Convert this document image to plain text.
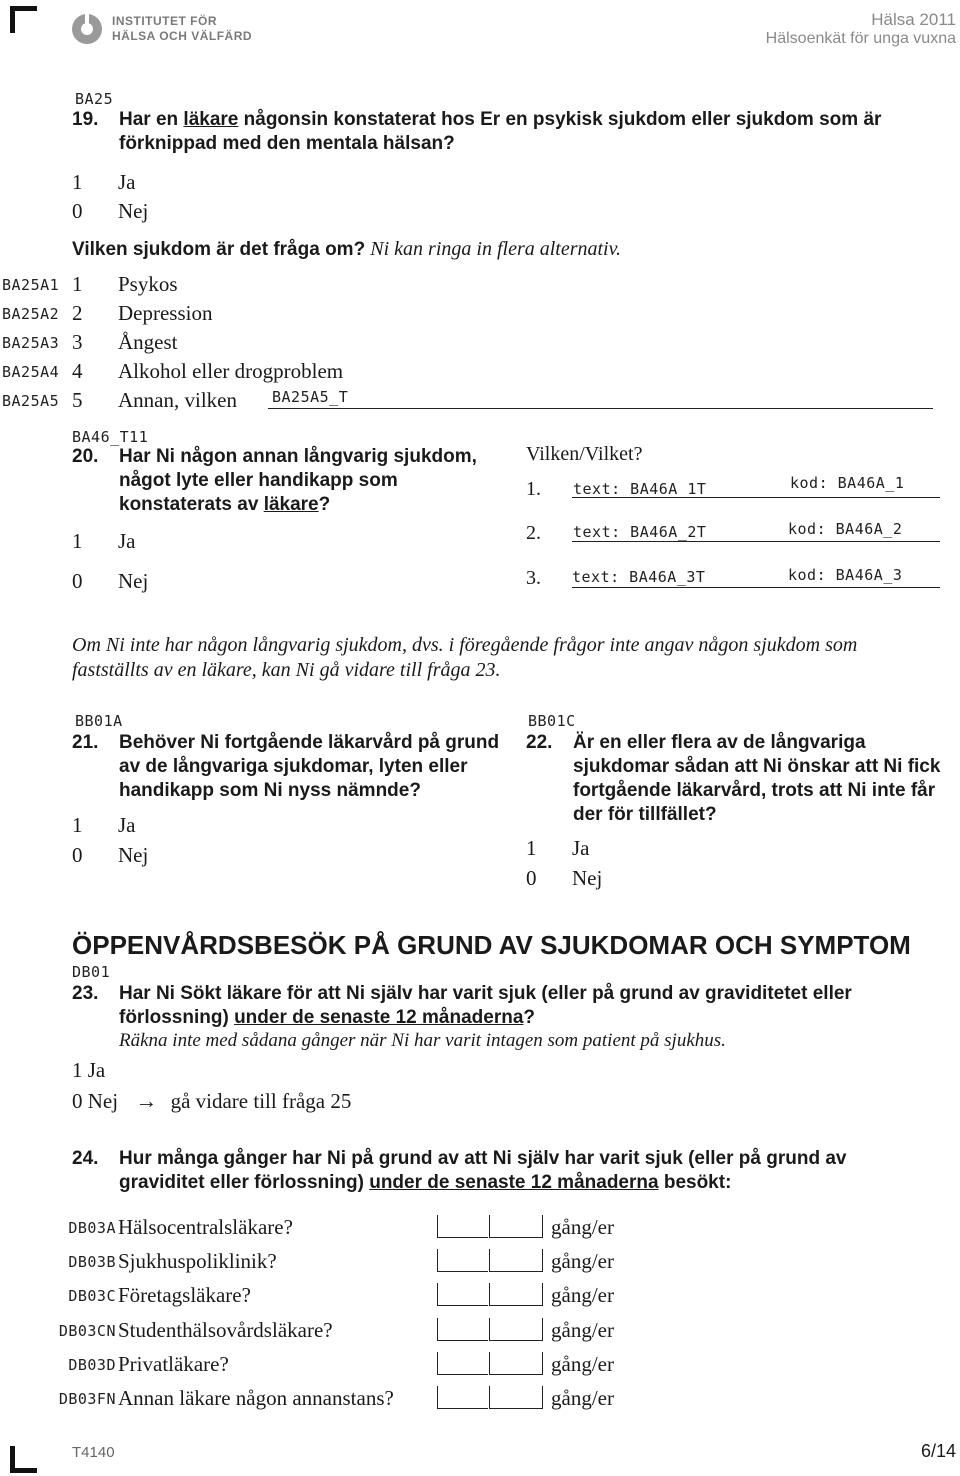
INSTITUTET FÖR
HÄLSA OCH VÄLFÄRD
Hälsa 2011
Hälsoenkät för unga vuxna
BA25
19. Har en läkare någonsin konstaterat hos Er en psykisk sjukdom eller sjukdom som är förknippad med den mentala hälsan?
1 Ja
0 Nej
Vilken sjukdom är det fråga om? Ni kan ringa in flera alternativ.
BA25A1 1 Psykos
BA25A2 2 Depression
BA25A3 3 Ångest
BA25A4 4 Alkohol eller drogproblem
BA25A5 5 Annan, vilken BA25A5_T
BA46_T11
20. Har Ni någon annan långvarig sjukdom, något lyte eller handikapp som konstaterats av läkare?
1 Ja
0 Nej
Vilken/Vilket?
1. text: BA46A_1T	kod: BA46A_1
2. text: BA46A_2T	kod: BA46A_2
3. text: BA46A_3T	kod: BA46A_3
Om Ni inte har någon långvarig sjukdom, dvs. i föregående frågor inte angav någon sjukdom som fastställts av en läkare, kan Ni gå vidare till fråga 23.
BB01A
21. Behöver Ni fortgående läkarvård på grund av de långvariga sjukdomar, lyten eller handikapp som Ni nyss nämnde?
1 Ja
0 Nej
BB01C
22. Är en eller flera av de långvariga sjukdomar sådan att Ni önskar att Ni fick fortgående läkarvård, trots att Ni inte får der för tillfället?
1 Ja
0 Nej
ÖPPENVÅRDSBESÖK PÅ GRUND AV SJUKDOMAR OCH SYMPTOM
DB01
23. Har Ni Sökt läkare för att Ni själv har varit sjuk (eller på grund av graviditetet eller förlossning) under de senaste 12 månaderna?
Räkna inte med sådana gånger när Ni har varit intagen som patient på sjukhus.
1 Ja
0 Nej → gå vidare till fråga 25
24. Hur många gånger har Ni på grund av att Ni själv har varit sjuk (eller på grund av graviditet eller förlossning) under de senaste 12 månaderna besökt:
DB03A Hälsocentralsläkare?	gång/er
DB03B Sjukhuspoliklinik?	gång/er
DB03C Företagsläkare?	gång/er
DB03CN Studenthälsovårdsläkare?	gång/er
DB03D Privatläkare?	gång/er
DB03FN Annan läkare någon annanstans?	gång/er
T4140	6/14
